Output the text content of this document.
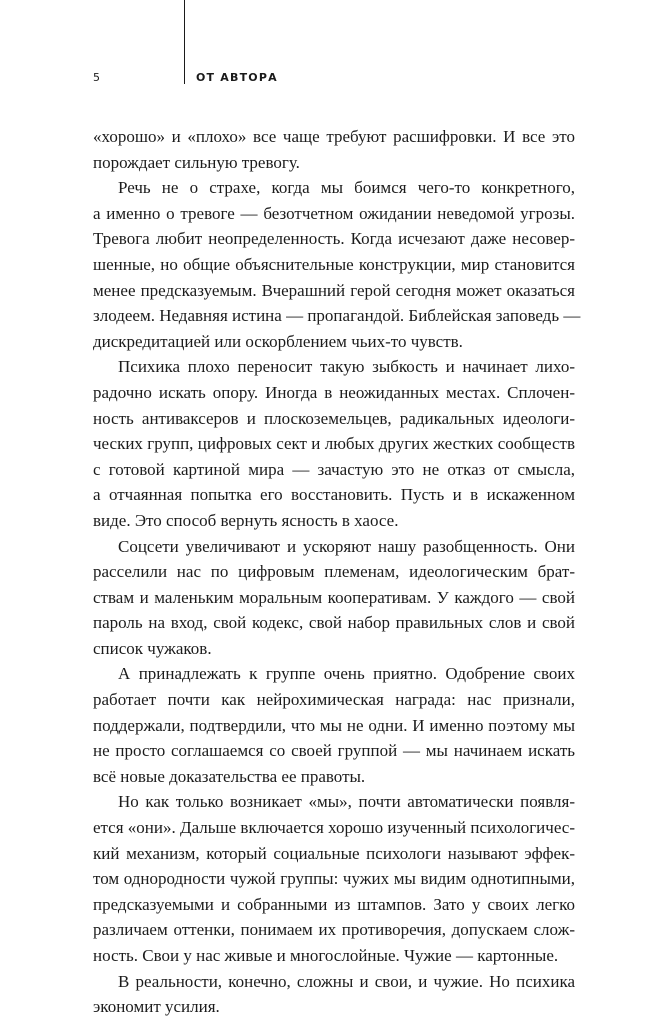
5	ОТ АВТОРА

«хорошо» и «плохо» все чаще требуют расшифровки. И все это
порождает сильную тревогу.

Речь не о страхе, когда мы боимся чего-то конкретного,
а именно о тревоге — безотчетном ожидании неведомой угрозы.
Тревога любит неопределенность. Когда исчезают даже несовер-
шенные, но общие объяснительные конструкции, мир становится
менее предсказуемым. Вчерашний герой сегодня может оказаться
злодеем. Недавняя истина — пропагандой. Библейская заповедь —
дискредитацией или оскорблением чьих-то чувств.

Психика плохо переносит такую зыбкость и начинает лихо-
радочно искать опору. Иногда в неожиданных местах. Сплочен-
ность антиваксеров и плоскоземельцев, радикальных идеологи-
ческих групп, цифровых сект и любых других жестких сообществ
с готовой картиной мира — зачастую это не отказ от смысла,
а отчаянная попытка его восстановить. Пусть и в искаженном
виде. Это способ вернуть ясность в хаосе.

Соцсети увеличивают и ускоряют нашу разобщенность. Они
расселили нас по цифровым племенам, идеологическим брат-
ствам и маленьким моральным кооперативам. У каждого — свой
пароль на вход, свой кодекс, свой набор правильных слов и свой
список чужаков.

А принадлежать к группе очень приятно. Одобрение своих
работает почти как нейрохимическая награда: нас признали,
поддержали, подтвердили, что мы не одни. И именно поэтому мы
не просто соглашаемся со своей группой — мы начинаем искать
всё новые доказательства ее правоты.

Но как только возникает «мы», почти автоматически появля-
ется «они». Дальше включается хорошо изученный психологичес-
кий механизм, который социальные психологи называют эффек-
том однородности чужой группы: чужих мы видим однотипными,
предсказуемыми и собранными из штампов. Зато у своих легко
различаем оттенки, понимаем их противоречия, допускаем слож-
ность. Свои у нас живые и многослойные. Чужие — картонные.

В реальности, конечно, сложны и свои, и чужие. Но психика
экономит усилия.
